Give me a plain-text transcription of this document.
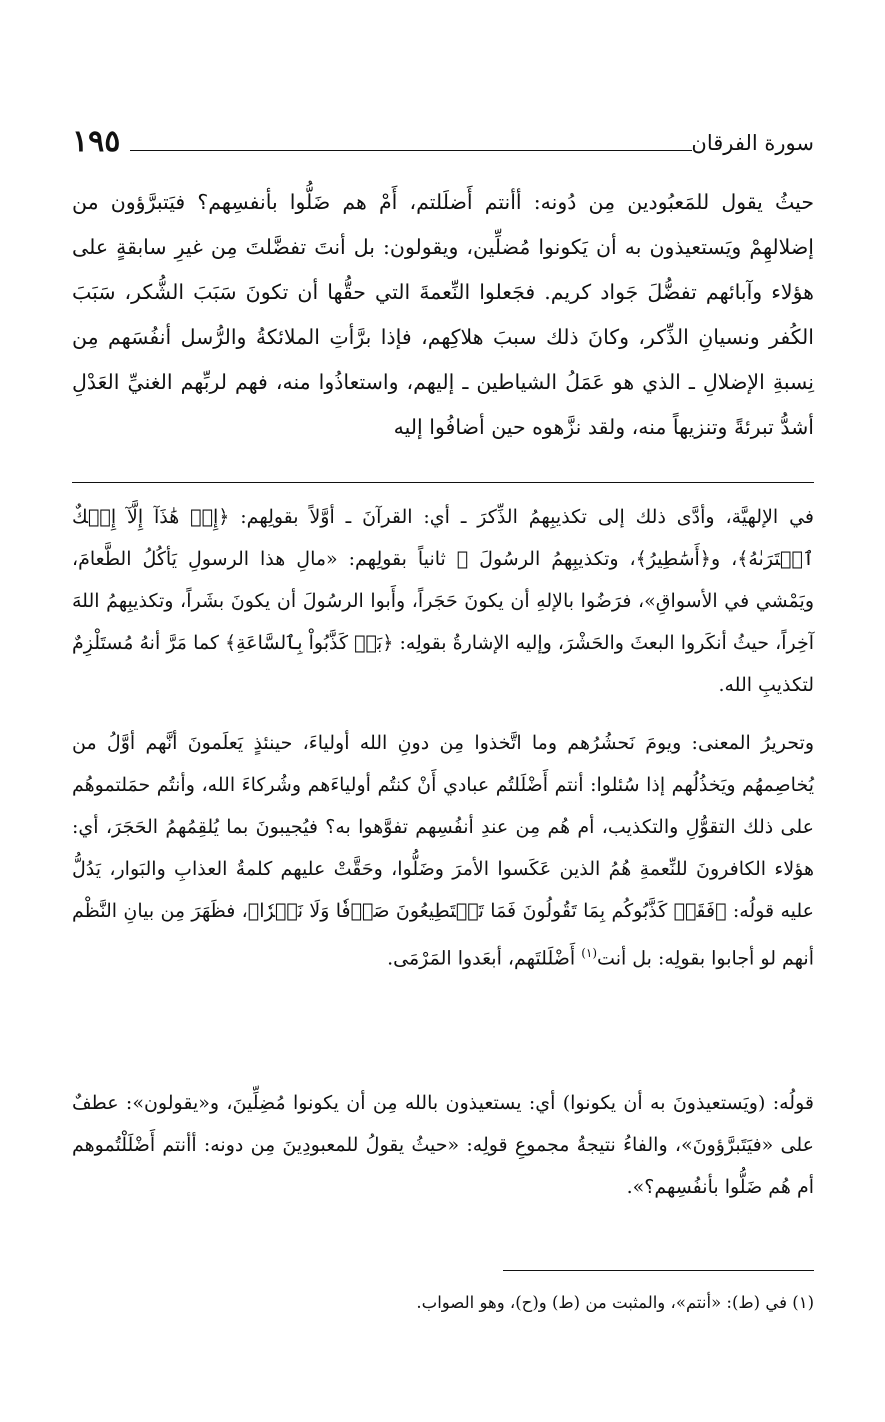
١٩٥	سورة الفرقان
حيثُ يقول للمَعبُودين مِن دُونه: أأنتم أَضلَلتم، أَمْ هم ضَلُّوا بأنفسِهم؟ فيَتبرَّؤون من إضلالهِمْ ويَستعيذون به أن يَكونوا مُضلِّين، ويقولون: بل أنتَ تفضَّلتَ مِن غيرِ سابقةٍ على هؤلاء وآبائهم تفضُّلَ جَواد كريم. فجَعلوا النِّعمةَ التي حقُّها أن تكونَ سَبَبَ الشُّكر، سَبَبَ الكُفر ونسيانِ الذِّكر، وكانَ ذلك سببَ هلاكِهم، فإذا برَّأتِ الملائكةُ والرُّسل أنفُسَهم مِن نِسبةِ الإضلالِ ـ الذي هو عَمَلُ الشياطين ـ إليهم، واستعاذُوا منه، فهم لربِّهم الغنيِّ العَدْلِ أشدُّ تبرئةً وتنزيهاً منه، ولقد نزَّهوه حين أضافُوا إليه
في الإلهيَّة، وأدَّى ذلك إلى تكذيبِهمُ الذِّكرَ ـ أي: القرآنَ ـ أوَّلاً بقولِهم: ﴿إِنۡ هَٰذَآ إِلَّآ إِفۡكٌ ٱفۡتَرَىٰهُ﴾، و﴿أَسَٰطِيرُ﴾، وتكذيبِهمُ الرسُولَ ﷺ ثانياً بقولِهم: «مالِ هذا الرسولِ يَأكُلُ الطَّعامَ، ويَمْشي في الأسواقِ»، فرَضُوا بالإلهِ أن يكونَ حَجَراً، وأَبوا الرسُولَ أن يكونَ بشَراً، وتكذيبِهمُ اللهَ آخِراً، حيثُ أنكَروا البعثَ والحَشْرَ، وإليه الإشارةُ بقولِه: ﴿بَلۡ كَذَّبُواْ بِٱلسَّاعَةِ﴾ كما مَرَّ أنهُ مُستَلْزِمٌ لتكذيبِ الله.
وتحريرُ المعنى: ويومَ نَحشُرُهم وما اتَّخذوا مِن دونِ الله أولياءَ، حينئذٍ يَعلَمونَ أنَّهم أوَّلُ من يُخاصِمهُم ويَخذُلُهم إذا سُئلوا: أنتم أَضْلَلتُم عبادي أَنْ كنتُم أولياءَهم وشُركاءَ الله، وأنتُم حمَلتموهُم على ذلك التقوُّلِ والتكذيب، أم هُم مِن عندِ أنفُسِهم تفوَّهوا به؟ فيُجيبونَ بما يُلقِمُهمُ الحَجَرَ، أي: هؤلاء الكافرونَ للنِّعمةِ هُمُ الذين عَكَسوا الأمرَ وضَلُّوا، وحَقَّتْ عليهم كلمةُ العذابِ والبَوار، يَدُلُّ عليه قولُه: ﴿فَقَدۡ كَذَّبُوكُم بِمَا تَقُولُونَ فَمَا تَسۡتَطِيعُونَ صَرۡفٗا وَلَا نَصۡرٗا﴾، فظَهَرَ مِن بيانِ النَّظْم أنهم لو أجابوا بقولِه: بل أنت$^{(١)}$ أَضْلَلتَهم، أبعَدوا المَرْمَى.
قولُه: (ويَستعيذونَ به أن يكونوا) أي: يستعيذون بالله مِن أن يكونوا مُضِلِّينَ، و«يقولون»: عطفٌ على «فيَتَبرَّؤونَ»، والفاءُ نتيجةُ مجموعِ قولِه: «حيثُ يقولُ للمعبودِينَ مِن دونه: أأنتم أَضْلَلْتُموهم أم هُم ضَلُّوا بأنفُسِهم؟».
(١) في (ط): «أنتم»، والمثبت من (ط) و(ح)، وهو الصواب.
